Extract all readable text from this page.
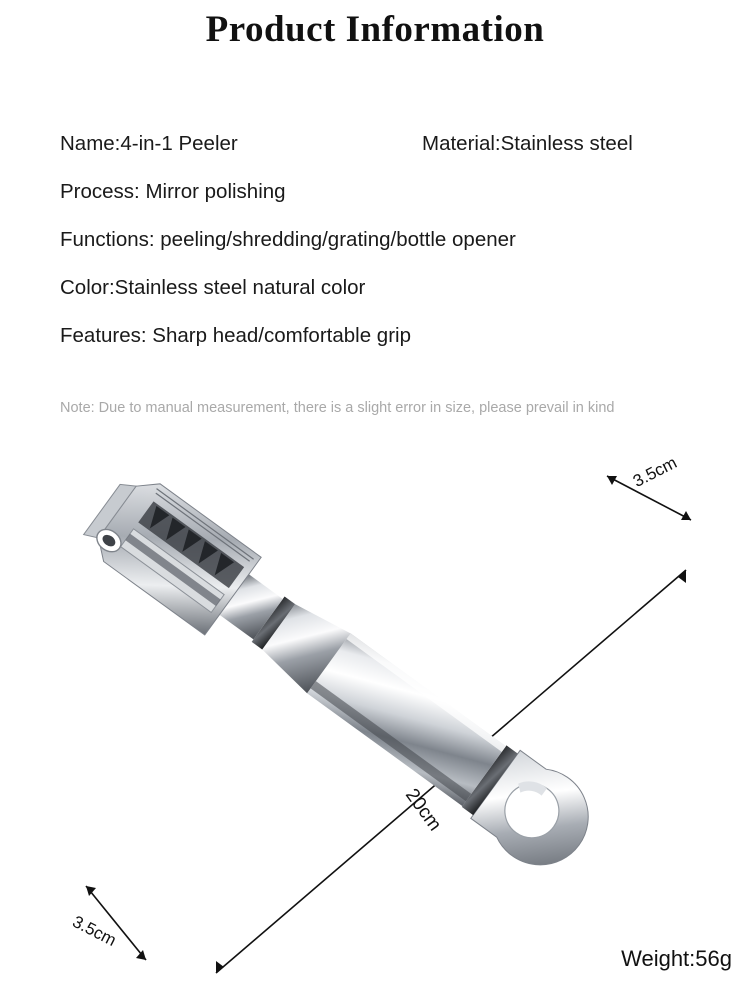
Product Information
Name:4-in-1 Peeler	Material:Stainless steel
Process: Mirror polishing
Functions: peeling/shredding/grating/bottle opener
Color:Stainless steel natural color
Features: Sharp head/comfortable grip
Note: Due to manual measurement, there is a slight error in size, please prevail in kind
3.5cm
3.5cm
20cm
Weight:56g
